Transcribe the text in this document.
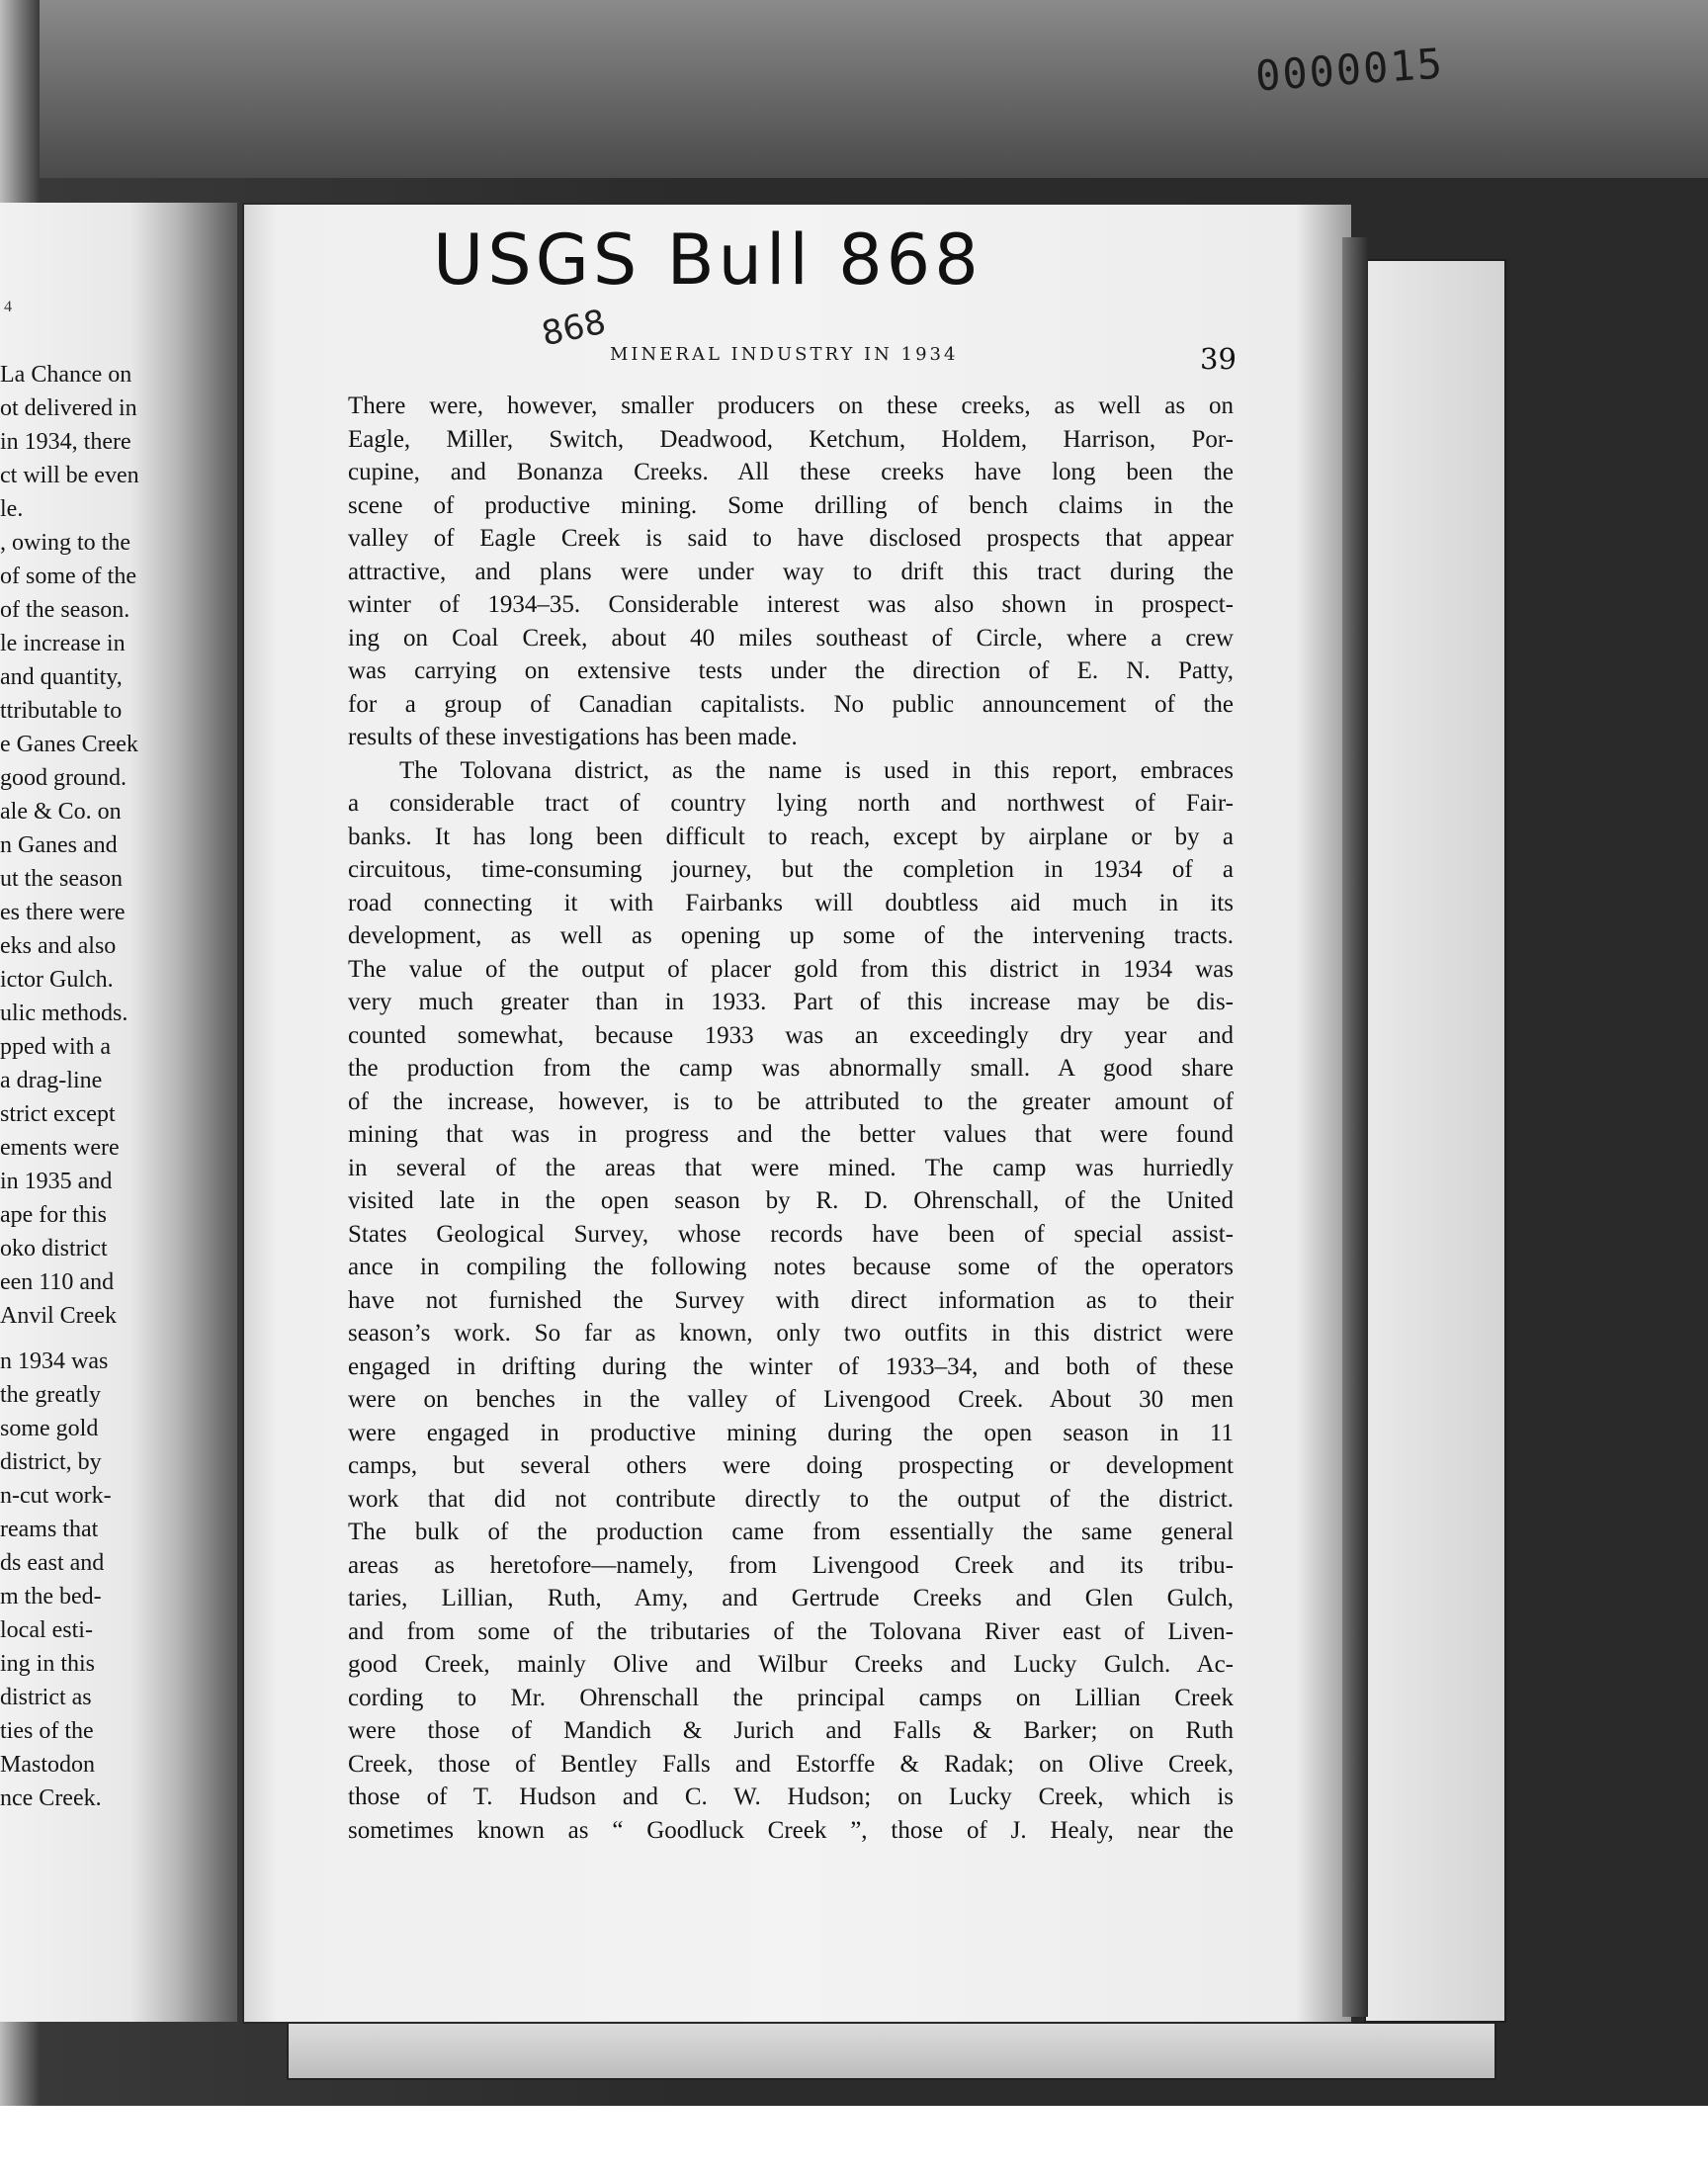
0000015
4
La Chance on
ot delivered in
in 1934, there
ct will be even
le.
, owing to the
of some of the
of the season.
le increase in
and quantity,
ttributable to
e Ganes Creek
good ground.
ale & Co. on
n Ganes and
ut the season
es there were
eks and also
ictor Gulch.
ulic methods.
pped with a
a drag-line
strict except
ements were
in 1935 and
ape for this
oko district
een 110 and
Anvil Creek
n 1934 was
the greatly
some gold
district, by
n-cut work-
reams that
ds east and
m the bed-
local esti-
ing in this
district as
ties of the
Mastodon
nce Creek.
USGS Bull 868
868
MINERAL INDUSTRY IN 1934	39
There were, however, smaller producers on these creeks, as well as on
Eagle, Miller, Switch, Deadwood, Ketchum, Holdem, Harrison, Por-
cupine, and Bonanza Creeks. All these creeks have long been the
scene of productive mining. Some drilling of bench claims in the
valley of Eagle Creek is said to have disclosed prospects that appear
attractive, and plans were under way to drift this tract during the
winter of 1934–35. Considerable interest was also shown in prospect-
ing on Coal Creek, about 40 miles southeast of Circle, where a crew
was carrying on extensive tests under the direction of E. N. Patty,
for a group of Canadian capitalists. No public announcement of the
results of these investigations has been made.
The Tolovana district, as the name is used in this report, embraces
a considerable tract of country lying north and northwest of Fair-
banks. It has long been difficult to reach, except by airplane or by a
circuitous, time-consuming journey, but the completion in 1934 of a
road connecting it with Fairbanks will doubtless aid much in its
development, as well as opening up some of the intervening tracts.
The value of the output of placer gold from this district in 1934 was
very much greater than in 1933. Part of this increase may be dis-
counted somewhat, because 1933 was an exceedingly dry year and
the production from the camp was abnormally small. A good share
of the increase, however, is to be attributed to the greater amount of
mining that was in progress and the better values that were found
in several of the areas that were mined. The camp was hurriedly
visited late in the open season by R. D. Ohrenschall, of the United
States Geological Survey, whose records have been of special assist-
ance in compiling the following notes because some of the operators
have not furnished the Survey with direct information as to their
season’s work. So far as known, only two outfits in this district were
engaged in drifting during the winter of 1933–34, and both of these
were on benches in the valley of Livengood Creek. About 30 men
were engaged in productive mining during the open season in 11
camps, but several others were doing prospecting or development
work that did not contribute directly to the output of the district.
The bulk of the production came from essentially the same general
areas as heretofore—namely, from Livengood Creek and its tribu-
taries, Lillian, Ruth, Amy, and Gertrude Creeks and Glen Gulch,
and from some of the tributaries of the Tolovana River east of Liven-
good Creek, mainly Olive and Wilbur Creeks and Lucky Gulch. Ac-
cording to Mr. Ohrenschall the principal camps on Lillian Creek
were those of Mandich & Jurich and Falls & Barker; on Ruth
Creek, those of Bentley Falls and Estorffe & Radak; on Olive Creek,
those of T. Hudson and C. W. Hudson; on Lucky Creek, which is
sometimes known as “ Goodluck Creek ”, those of J. Healy, near the
